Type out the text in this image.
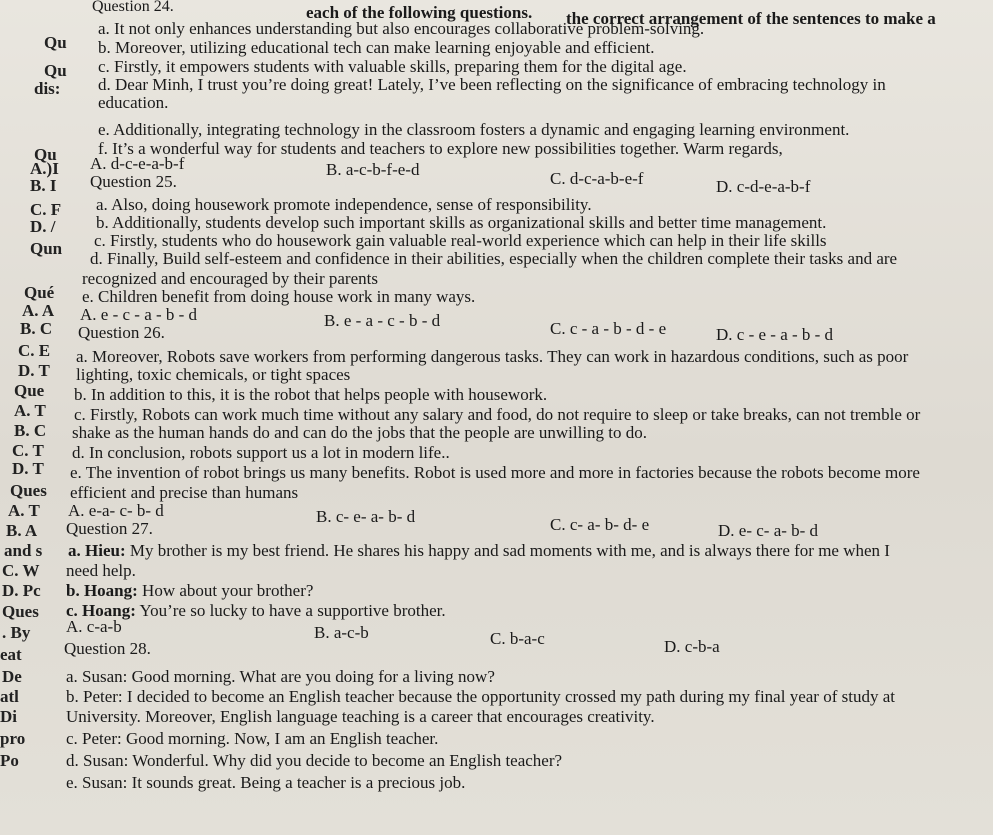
Qu
Qu
dis:
Qu
A.)I
B. I
C. F
D. /
Qun
Qué
A. A
B. C
C. E
D. T
Que
A. T
B. C
C. T
D. T
Ques
A. T
B. A
and s
C. W
D. Pc
Ques
. By
eat
De
atl
Di
pro
Po
Question 24.	each of the following questions. the correct arrangement of the sentences to make a
a. It not only enhances understanding but also encourages collaborative problem-solving.
b. Moreover, utilizing educational tech can make learning enjoyable and efficient.
c. Firstly, it empowers students with valuable skills, preparing them for the digital age.
d. Dear Minh, I trust you’re doing great! Lately, I’ve been reflecting on the significance of embracing technology in
education.
e. Additionally, integrating technology in the classroom fosters a dynamic and engaging learning environment.
f. It’s a wonderful way for students and teachers to explore new possibilities together. Warm regards,
A. d-c-e-a-b-f	B. a-c-b-f-e-d	C. d-c-a-b-e-f	D. c-d-e-a-b-f
Question 25.
a. Also, doing housework promote independence, sense of responsibility.
b. Additionally, students develop such important skills as organizational skills and better time management.
c. Firstly, students who do housework gain valuable real-world experience which can help in their life skills
d. Finally, Build self-esteem and confidence in their abilities, especially when the children complete their tasks and are
recognized and encouraged by their parents
e. Children benefit from doing house work in many ways.
A. e - c - a - b - d	B. e - a - c - b - d	C. c - a - b - d - e	D. c - e - a - b - d
Question 26.
a. Moreover, Robots save workers from performing dangerous tasks. They can work in hazardous conditions, such as poor
lighting, toxic chemicals, or tight spaces
b. In addition to this, it is the robot that helps people with housework.
c. Firstly, Robots can work much time without any salary and food, do not require to sleep or take breaks, can not tremble or
shake as the human hands do and can do the jobs that the people are unwilling to do.
d. In conclusion, robots support us a lot in modern life..
e. The invention of robot brings us many benefits. Robot is used more and more in factories because the robots become more
efficient and precise than humans
A. e-a- c- b- d	B. c- e- a- b- d	C. c- a- b- d- e	D. e- c- a- b- d
Question 27.
a. Hieu: My brother is my best friend. He shares his happy and sad moments with me, and is always there for me when I
need help.
b. Hoang: How about your brother?
c. Hoang: You’re so lucky to have a supportive brother.
A. c-a-b	B. a-c-b	C. b-a-c	D. c-b-a
Question 28.
a. Susan: Good morning. What are you doing for a living now?
b. Peter: I decided to become an English teacher because the opportunity crossed my path during my final year of study at
University. Moreover, English language teaching is a career that encourages creativity.
c. Peter: Good morning. Now, I am an English teacher.
d. Susan: Wonderful. Why did you decide to become an English teacher?
e. Susan: It sounds great. Being a teacher is a precious job.
